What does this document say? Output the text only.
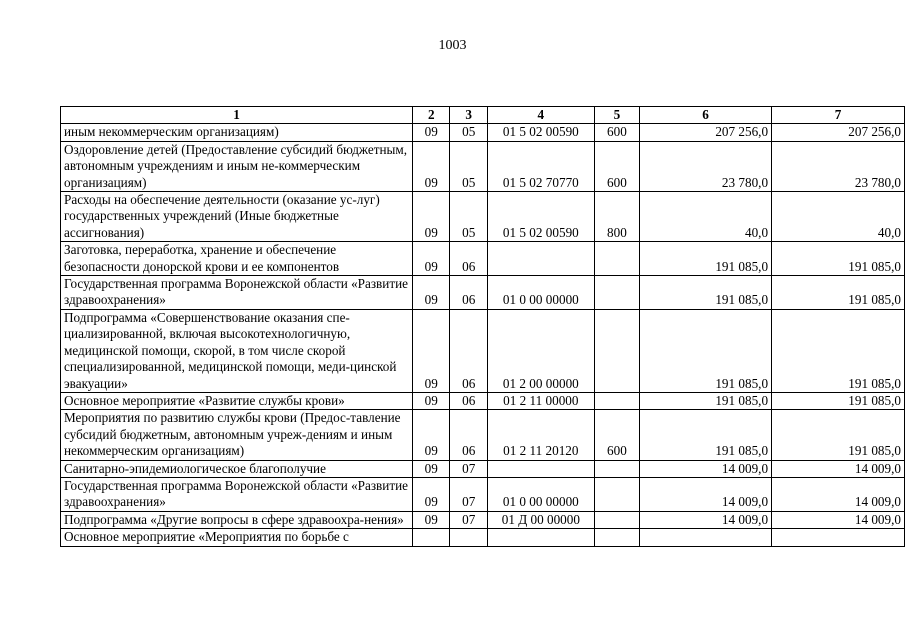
1003
1	2	3	4	5	6	7
иным некоммерческим организациям)	09	05	01 5 02 00590	600	207 256,0	207 256,0
Оздоровление детей (Предоставление субсидий бюджетным, автономным учреждениям и иным не-коммерческим организациям)	09	05	01 5 02 70770	600	23 780,0	23 780,0
Расходы на обеспечение деятельности (оказание ус-луг) государственных учреждений (Иные бюджетные ассигнования)	09	05	01 5 02 00590	800	40,0	40,0
Заготовка, переработка, хранение и обеспечение безопасности донорской крови и ее компонентов	09	06			191 085,0	191 085,0
Государственная программа Воронежской области «Развитие здравоохранения»	09	06	01 0 00 00000		191 085,0	191 085,0
Подпрограмма «Совершенствование оказания спе-циализированной, включая высокотехнологичную, медицинской помощи, скорой, в том числе скорой специализированной, медицинской помощи, меди-цинской эвакуации»	09	06	01 2 00 00000		191 085,0	191 085,0
Основное мероприятие «Развитие службы крови»	09	06	01 2 11 00000		191 085,0	191 085,0
Мероприятия по развитию службы крови (Предос-тавление субсидий бюджетным, автономным учреж-дениям и иным некоммерческим организациям)	09	06	01 2 11 20120	600	191 085,0	191 085,0
Санитарно-эпидемиологическое благополучие	09	07			14 009,0	14 009,0
Государственная программа Воронежской области «Развитие здравоохранения»	09	07	01 0 00 00000		14 009,0	14 009,0
Подпрограмма «Другие вопросы в сфере здравоохра-нения»	09	07	01 Д 00 00000		14 009,0	14 009,0
Основное мероприятие «Мероприятия по борьбе с						
